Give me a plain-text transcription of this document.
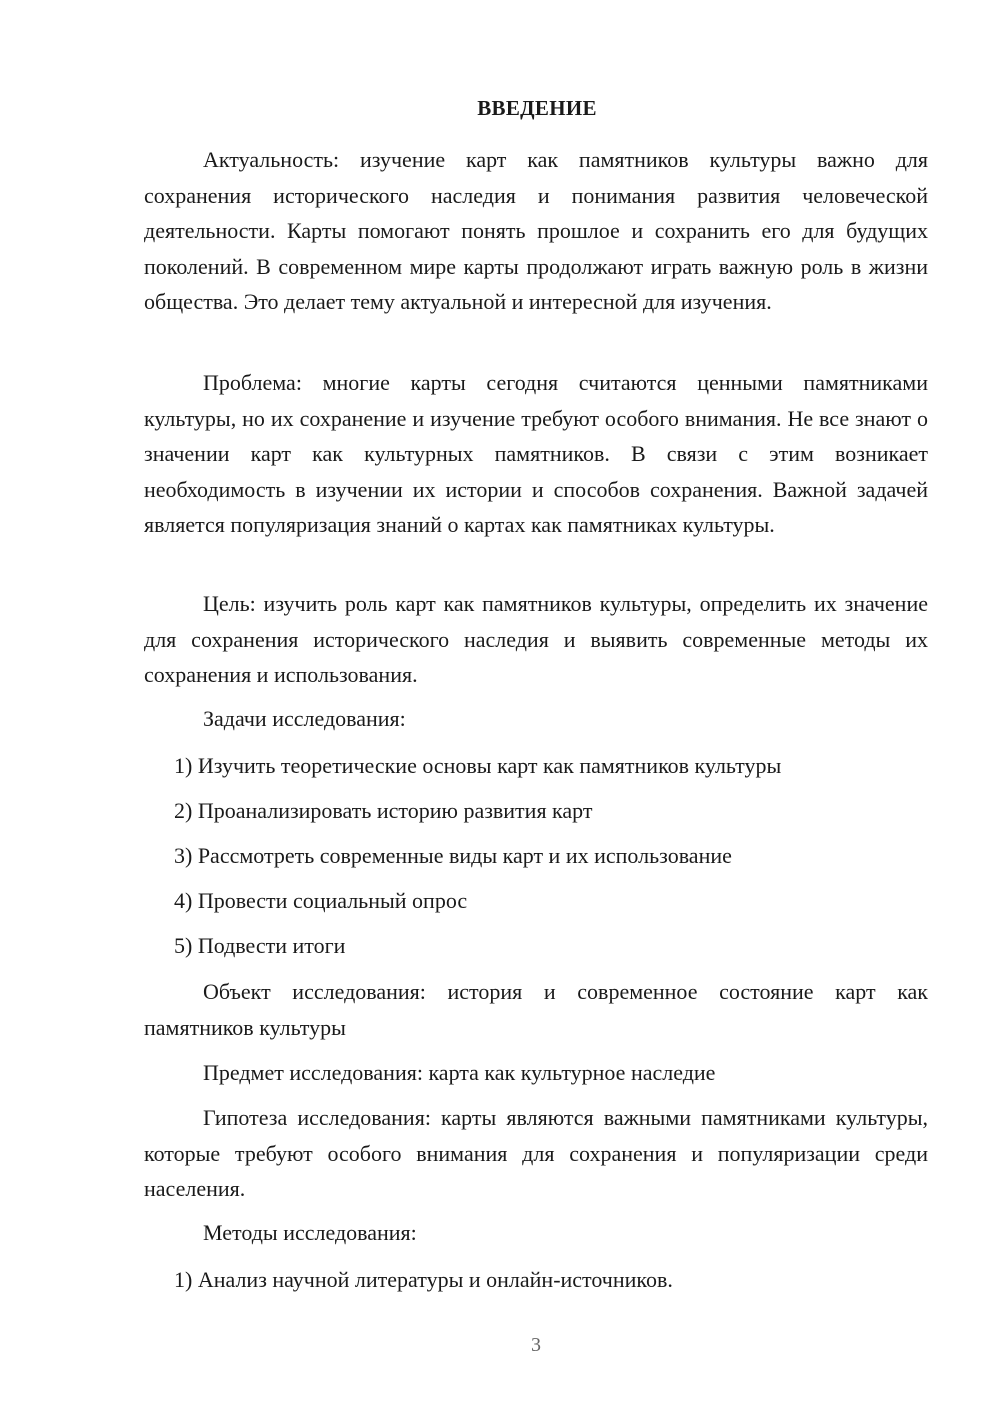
ВВЕДЕНИЕ

Актуальность: изучение карт как памятников культуры важно для сохранения исторического наследия и понимания развития человеческой деятельности. Карты помогают понять прошлое и сохранить его для будущих поколений. В современном мире карты продолжают играть важную роль в жизни общества. Это делает тему актуальной и интересной для изучения.

Проблема: многие карты сегодня считаются ценными памятниками культуры, но их сохранение и изучение требуют особого внимания. Не все знают о значении карт как культурных памятников. В связи с этим возникает необходимость в изучении их истории и способов сохранения. Важной задачей является популяризация знаний о картах как памятниках культуры.

Цель: изучить роль карт как памятников культуры, определить их значение для сохранения исторического наследия и выявить современные методы их сохранения и использования.

Задачи исследования:

1) Изучить теоретические основы карт как памятников культуры

2) Проанализировать историю развития карт

3) Рассмотреть современные виды карт и их использование

4) Провести социальный опрос

5) Подвести итоги

Объект исследования: история и современное состояние карт как памятников культуры

Предмет исследования: карта как культурное наследие

Гипотеза исследования: карты являются важными памятниками культуры, которые требуют особого внимания для сохранения и популяризации среди населения.

Методы исследования:

1) Анализ научной литературы и онлайн-источников.

3
